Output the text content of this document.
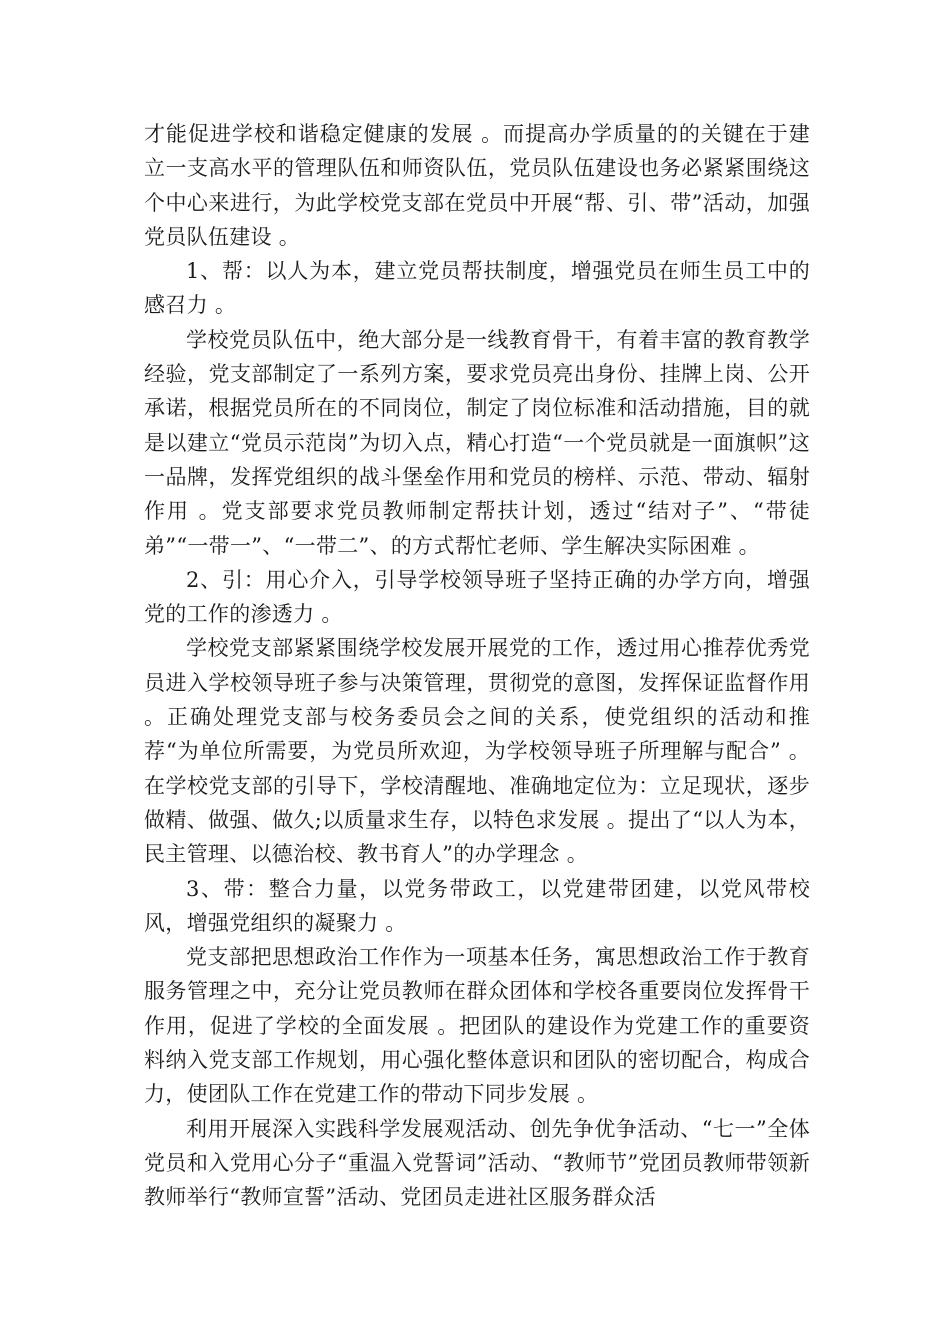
才能促进学校和谐稳定健康的发展 。而提高办学质量的的关键在于建立一支高水平的管理队伍和师资队伍，党员队伍建设也务必紧紧围绕这个中心来进行，为此学校党支部在党员中开展“帮、引、带”活动，加强党员队伍建设 。

1、帮：以人为本，建立党员帮扶制度，增强党员在师生员工中的感召力 。

学校党员队伍中，绝大部分是一线教育骨干，有着丰富的教育教学经验，党支部制定了一系列方案，要求党员亮出身份、挂牌上岗、公开承诺，根据党员所在的不同岗位，制定了岗位标准和活动措施，目的就是以建立“党员示范岗”为切入点，精心打造“一个党员就是一面旗帜”这一品牌，发挥党组织的战斗堡垒作用和党员的榜样、示范、带动、辐射作用 。党支部要求党员教师制定帮扶计划，透过“结对子”、“带徒弟”“一带一”、“一带二”、的方式帮忙老师、学生解决实际困难 。

2、引：用心介入，引导学校领导班子坚持正确的办学方向，增强党的工作的渗透力 。

学校党支部紧紧围绕学校发展开展党的工作，透过用心推荐优秀党员进入学校领导班子参与决策管理，贯彻党的意图，发挥保证监督作用 。正确处理党支部与校务委员会之间的关系，使党组织的活动和推荐“为单位所需要，为党员所欢迎，为学校领导班子所理解与配合” 。在学校党支部的引导下，学校清醒地、准确地定位为：立足现状，逐步做精、做强、做久;以质量求生存，以特色求发展 。提出了“以人为本，民主管理、以德治校、教书育人”的办学理念 。

3、带：整合力量，以党务带政工，以党建带团建，以党风带校风，增强党组织的凝聚力 。

党支部把思想政治工作作为一项基本任务，寓思想政治工作于教育服务管理之中，充分让党员教师在群众团体和学校各重要岗位发挥骨干作用，促进了学校的全面发展 。把团队的建设作为党建工作的重要资料纳入党支部工作规划，用心强化整体意识和团队的密切配合，构成合力，使团队工作在党建工作的带动下同步发展 。

利用开展深入实践科学发展观活动、创先争优争活动、“七一”全体党员和入党用心分子“重温入党誓词”活动、“教师节”党团员教师带领新教师举行“教师宣誓”活动、党团员走进社区服务群众活
